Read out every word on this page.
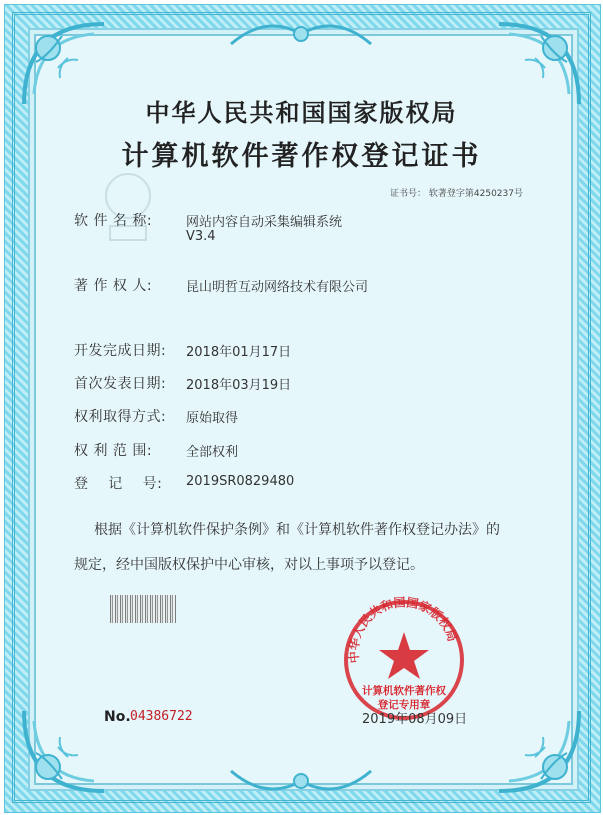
中华人民共和国国家版权局
计算机软件著作权登记证书
证书号： 软著登字第4250237号
软 件 名 称:	网站内容自动采集编辑系统
V3.4
著 作 权 人:	昆山明哲互动网络技术有限公司
开发完成日期: 2018年01月17日
首次发表日期: 2018年03月19日
权利取得方式: 原始取得
权 利 范 围:	全部权利
登    记    号: 2019SR0829480
根据《计算机软件保护条例》和《计算机软件著作权登记办法》的
规定，经中国版权保护中心审核，对以上事项予以登记。
中华人民共和国国家版权局
计算机软件著作权
登记专用章
No. 04386722	2019年08月09日
